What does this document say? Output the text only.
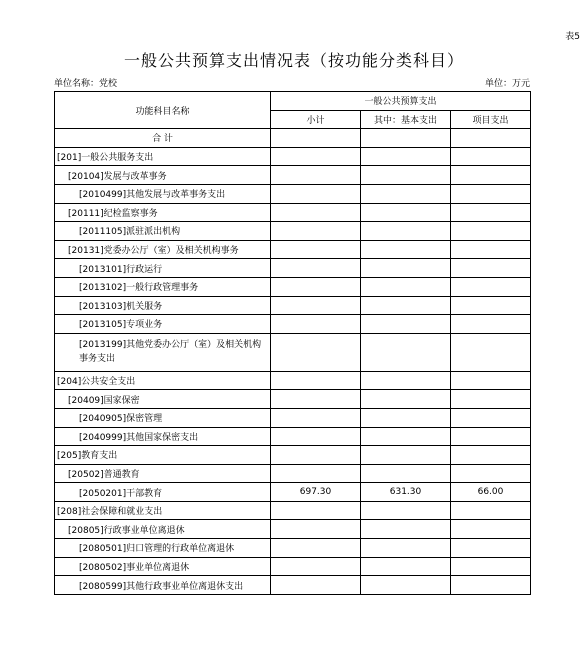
表5
一般公共预算支出情况表（按功能分类科目）
单位名称：党校	单位：万元
功能科目名称	一般公共预算支出		
	小计	其中：基本支出	项目支出
合 计			
[201]一般公共服务支出			
[20104]发展与改革事务			
[2010499]其他发展与改革事务支出			
[20111]纪检监察事务			
[2011105]派驻派出机构			
[20131]党委办公厅（室）及相关机构事务			
[2013101]行政运行			
[2013102]一般行政管理事务			
[2013103]机关服务			
[2013105]专项业务			
[2013199]其他党委办公厅（室）及相关机构事务支出			
[204]公共安全支出			
[20409]国家保密			
[2040905]保密管理			
[2040999]其他国家保密支出			
[205]教育支出			
[20502]普通教育			
[2050201]干部教育	697.30	631.30	66.00
[208]社会保障和就业支出			
[20805]行政事业单位离退休			
[2080501]归口管理的行政单位离退休			
[2080502]事业单位离退休			
[2080599]其他行政事业单位离退休支出			
